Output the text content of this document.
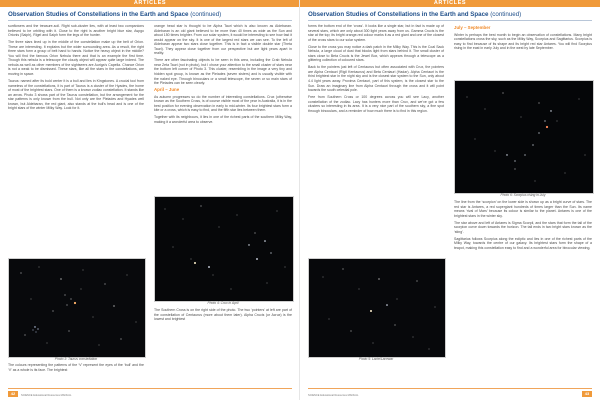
ARTICLES
Observation Studies of Constellations in the Earth and Space (continued)

sunflowers and the treasure-soil. Right sub-cluster lies, with at least two companions believed to be orbiting with it. Close to the right is another bright blue star, Aspgo Orionis (Saiph), Rigel and Saiph form the legs of the hunter.

The three stars lined up in the middle of the constellation make up the belt of Orion. These are interesting. It explains but the wider surrounding area. As a result, the right three stars form a group of belt hand to hands. Notice the heavy object in the middle? You will find the famous Orion Nebula there and that is an example the first time. Though this nebula is a telescope the cloudy object will appear quite large indeed. The nebula as well as other members of the sightseers are Auriga’s Capella. Chance Orion is not a weak to be dismissed. These stars, like all the stars in the constellations, are moving in space.

Taurus: named after its bold center it is a bull and lies in Kingstones. A crucial tool from nameless of the constellations, it is part of Taurus is a cluster of the Hyades, the home of most of the brightest stars. One of them is a known zodiac constellation. It stands like an arrow. Photo 3 shows part of the Taurus constellation, but the arrangement for the star patterns is only known from the bull. Not only are the Pleiades and Hyades well known, but Aldebaran, the red giant, also stands at the bull’s head and is one of the bright stars of the winter Milky Way. Look for it.

Photo 3: Taurus constellation

The colours representing the patterns of the ‘V’ represent the eyes of the ‘bull’ and the ‘V’ as a whole is its face. The brightest

orange head star is thought to be Alpha Tauri which is also known as Aldebaran. Aldebaran is an old giant believed to be more than 40 times as wide as the Sun and about 150 times brighter. From our solar system, it would be interesting to see how fast it would appear on the sky. It is one of the largest red stars we can see. To the left of Aldebaran appear two stars close together. This is in fact a visible double star (Theta Tauri). They appear close together from our perspective but are light years apart in reality.

There are other fascinating objects to be seen in this area, including the Crab Nebula near Zeta Tauri (not in photo), but I chose your attention to the small cluster of stars near the bottom left corner of Photo 3. This cluster, resembling in the image a very tiny and hidden spot group, is known as the Pleiades (seven sisters) and is usually visible with the naked eye. Through binoculars or a small telescope, the seven or so main stars of the Pleiades can be seen clearly.

April – June

As autumn progresses so do the number of interesting constellations. Crux (otherwise known as the Southern Cross, is of course visible most of the year in Australia, it is in the best position for evening observation in early to mid-winter. Its four brightest stars form a kite or a cross, which is easy to find, and the fifth star lies between them.

Together with its neighbours, it lies in one of the richest parts of the southern Milky Way, making it a wonderful area to observe.

Photo 4: Crux in April

The Southern Cross is on the right side of the photo. The two ‘pointers’ at left are part of the constellation of Centaurus (more about them later). Alpha Crucis (or Acrux) is the lowest and brightest

42	SCIENCE Educational Resources MANUAL
ARTICLES
Observation Studies of Constellations in the Earth and Space (continued)

forms the bottom end of the ‘cross’. It looks like a single star, but in fact is made up of several stars, which are only about 300 light years away from us. Gamma Crucis is the star at the top; its bright orange-red colour marks it as a red giant and one of the closest of the cross stars to our solar system.

Close to the cross you may notice a dark patch in the Milky Way. This is the Coal Sack Nebula, a large cloud of dust that blocks light from stars behind it. The small cluster of stars close to Beta Crucis is the Jewel Box, which appears through a telescope as a glittering collection of coloured stars.

Back to the pointers just left of Centaurus but often associated with Crux, the pointers are Alpha Centauri (Rigil Kentaurus) and Beta Centauri (Hadar). Alpha Centauri is the third brightest star in the night sky and is the closest star system to the Sun, only about 4.4 light years away. Proxima Centauri, part of this system, is the closest star to the Sun. Draw an imaginary line from Alpha Centauri through the cross and it will point towards the south celestial pole.

Free from Southern Cross or 100 degrees across you will see Lacy, another constellation of the zodiac. Lacy has hunters more than Crux, and we’ve got a few clusters so interesting in its area. It is a very nice part of the southern sky, a fine spot through binoculars, and a reminder of how much there is to find in this region.

Photo 5: Lacie/Lacewar
July – September

Winter is perhaps the best month to begin an observation of constellations. Many bright constellations cross the sky, such as the Milky Way, Scorpius and Sagittarius. Scorpius is easy to find because of its shape and its bright red star Antares. You will find Scorpius rising in the east in early July and in the west by late September.

Photo 6: Scorpius rising in July

The line from the ‘scorpion’ on the lower side is shown up as a bright curve of stars. The red star is Antares, a red supergiant hundreds of times larger than the Sun. Its name means ‘rival of Mars’ because its colour is similar to the planet. Antares is one of the brightest stars in the winter sky.

The star above and left of Antares is Sigma Scorpii, and the stars that form the tail of the scorpion curve down towards the horizon. The tail ends in two bright stars known as the ‘sting’.

Sagittarius follows Scorpius along the ecliptic and lies in one of the richest parts of the Milky Way, towards the centre of our galaxy. Its brightest stars form the shape of a teapot, making this constellation easy to find and a wonderful area for binocular viewing.

SCIENCE Educational Resources MANUAL	43
